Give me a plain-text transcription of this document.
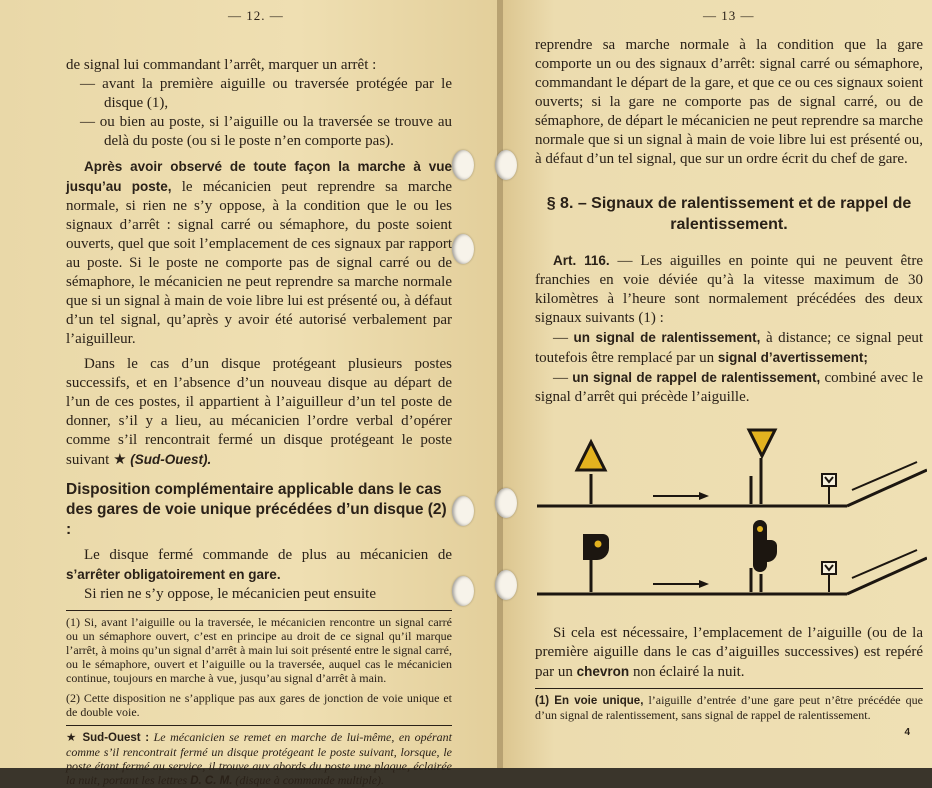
— 12. —

de signal lui commandant l’arrêt, marquer un arrêt :

— avant la première aiguille ou traversée protégée par le disque (1),

— ou bien au poste, si l’aiguille ou la traversée se trouve au delà du poste (ou si le poste n’en comporte pas).

Après avoir observé de toute façon la marche à vue jusqu’au poste, le mécanicien peut reprendre sa marche normale, si rien ne s’y oppose, à la condition que le ou les signaux d’arrêt : signal carré ou sémaphore, du poste soient ouverts, quel que soit l’emplacement de ces signaux par rapport au poste. Si le poste ne comporte pas de signal carré ou de sémaphore, le mécanicien ne peut reprendre sa marche normale que si un signal à main de voie libre lui est présenté ou, à défaut d’un tel signal, qu’après y avoir été autorisé verbalement par l’aiguilleur.

Dans le cas d’un disque protégeant plusieurs postes successifs, et en l’absence d’un nouveau disque au départ de l’un de ces postes, il appartient à l’aiguilleur d’un tel poste de donner, s’il y a lieu, au mécanicien l’ordre verbal d’opérer comme s’il rencontrait fermé un disque protégeant le poste suivant ★ (Sud-Ouest).

Disposition complémentaire applicable dans le cas des gares de voie unique précédées d’un disque (2) :

Le disque fermé commande de plus au mécanicien de s’arrêter obligatoirement en gare.

Si rien ne s’y oppose, le mécanicien peut ensuite

(1) Si, avant l’aiguille ou la traversée, le mécanicien rencontre un signal carré ou un sémaphore ouvert, c’est en principe au droit de ce signal qu’il marque l’arrêt, à moins qu’un signal d’arrêt à main lui soit présenté entre le signal carré, ou le sémaphore, ouvert et l’aiguille ou la traversée, auquel cas le mécanicien continue, toujours en marche à vue, jusqu’au signal d’arrêt à main.

(2) Cette disposition ne s’applique pas aux gares de jonction de voie unique et de double voie.

★ Sud-Ouest : Le mécanicien se remet en marche de lui-même, en opérant comme s’il rencontrait fermé un disque protégeant le poste suivant, lorsque, le poste étant fermé au service, il trouve aux abords du poste une plaque, éclairée la nuit, portant les lettres D. C. M. (disque à commande multiple).

— 13 —

reprendre sa marche normale à la condition que la gare comporte un ou des signaux d’arrêt: signal carré ou sémaphore, commandant le départ de la gare, et que ce ou ces signaux soient ouverts; si la gare ne comporte pas de signal carré, ou de sémaphore, de départ le mécanicien ne peut reprendre sa marche normale que si un signal à main de voie libre lui est présenté ou, à défaut d’un tel signal, que sur un ordre écrit du chef de gare.

§ 8. – Signaux de ralentissement et de rappel de ralentissement.

Art. 116. — Les aiguilles en pointe qui ne peuvent être franchies en voie déviée qu’à la vitesse maximum de 30 kilomètres à l’heure sont normalement précédées des deux signaux suivants (1) :

— un signal de ralentissement, à distance; ce signal peut toutefois être remplacé par un signal d’avertissement;

— un signal de rappel de ralentissement, combiné avec le signal d’arrêt qui précède l’aiguille.

Si cela est nécessaire, l’emplacement de l’aiguille (ou de la première aiguille dans le cas d’aiguilles successives) est repéré par un chevron non éclairé la nuit.

(1) En voie unique, l’aiguille d’entrée d’une gare peut n’être précédée que d’un signal de ralentissement, sans signal de rappel de ralentissement.

4
